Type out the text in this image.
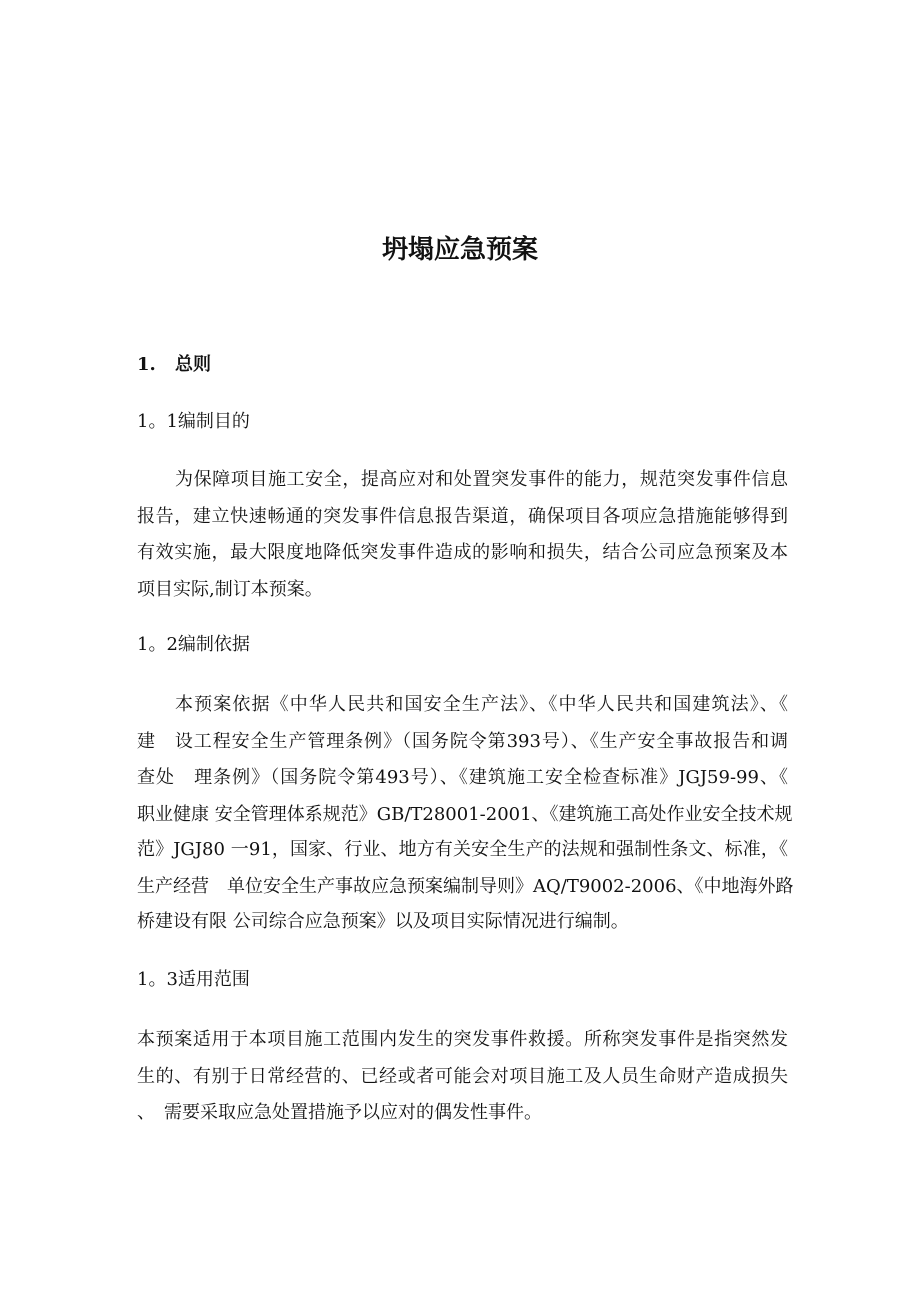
坍塌应急预案
1. 总则
1。1编制目的
为保障项目施工安全，提高应对和处置突发事件的能力，规范突发事件信息
报告，建立快速畅通的突发事件信息报告渠道，确保项目各项应急措施能够得到
有效实施，最大限度地降低突发事件造成的影响和损失，结合公司应急预案及本
项目实际,制订本预案。
1。2编制依据
本预案依据《中华人民共和国安全生产法》、《中华人民共和国建筑法》、《
建　设工程安全生产管理条例》（国务院令第393号）、《生产安全事故报告和调
查处　理条例》（国务院令第493号）、《建筑施工安全检查标准》JGJ59-99、《
职业健康 安全管理体系规范》GB/T28001-2001、《建筑施工高处作业安全技术规
范》JGJ80 一91，国家、行业、地方有关安全生产的法规和强制性条文、标准，《
生产经营　单位安全生产事故应急预案编制导则》AQ/T9002-2006、《中地海外路
桥建设有限 公司综合应急预案》以及项目实际情况进行编制。
1。3适用范围
本预案适用于本项目施工范围内发生的突发事件救援。所称突发事件是指突然发
生的、有别于日常经营的、已经或者可能会对项目施工及人员生命财产造成损失
、　需要采取应急处置措施予以应对的偶发性事件。
